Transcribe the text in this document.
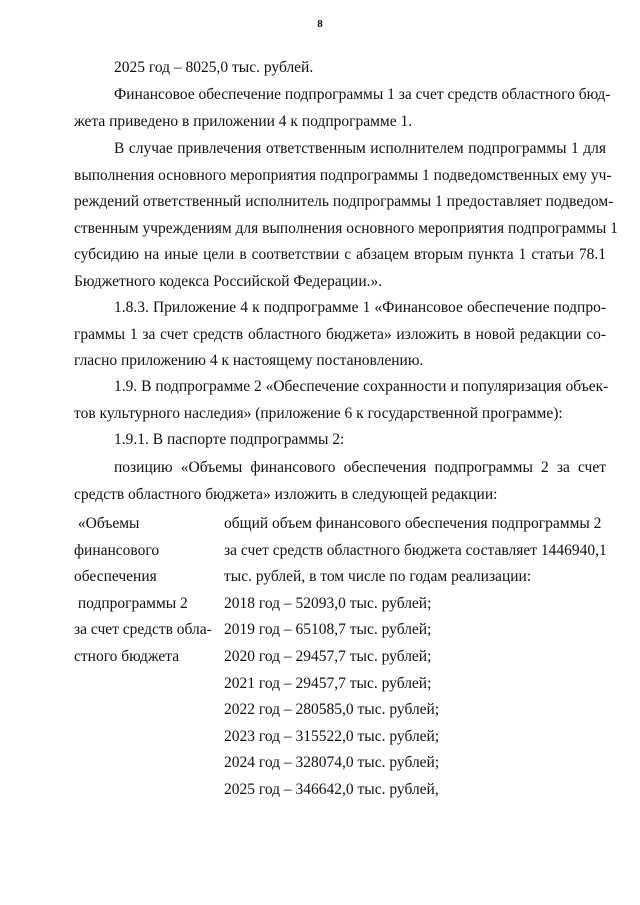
8
2025 год – 8025,0 тыс. рублей.
Финансовое обеспечение подпрограммы 1 за счет средств областного бюд-
жета приведено в приложении 4 к подпрограмме 1.
В случае привлечения ответственным исполнителем подпрограммы 1 для
выполнения основного мероприятия подпрограммы 1 подведомственных ему уч-
реждений ответственный исполнитель подпрограммы 1 предоставляет подведом-
ственным учреждениям для выполнения основного мероприятия подпрограммы 1
субсидию на иные цели в соответствии с абзацем вторым пункта 1 статьи 78.1
Бюджетного кодекса Российской Федерации.».
1.8.3. Приложение 4 к подпрограмме 1 «Финансовое обеспечение подпро-
граммы 1 за счет средств областного бюджета» изложить в новой редакции со-
гласно приложению 4 к настоящему постановлению.
1.9. В подпрограмме 2 «Обеспечение сохранности и популяризация объек-
тов культурного наследия» (приложение 6 к государственной программе):
1.9.1. В паспорте подпрограммы 2:
позицию «Объемы финансового обеспечения подпрограммы 2 за счет
средств областного бюджета» изложить в следующей редакции:
«Объемы
финансового
обеспечения
подпрограммы 2
за счет средств обла-
стного бюджета
общий объем финансового обеспечения подпрограммы 2
за счет средств областного бюджета составляет 1446940,1
тыс. рублей, в том числе по годам реализации:
2018 год – 52093,0 тыс. рублей;
2019 год – 65108,7 тыс. рублей;
2020 год – 29457,7 тыс. рублей;
2021 год – 29457,7 тыс. рублей;
2022 год – 280585,0 тыс. рублей;
2023 год – 315522,0 тыс. рублей;
2024 год – 328074,0 тыс. рублей;
2025 год – 346642,0 тыс. рублей,
